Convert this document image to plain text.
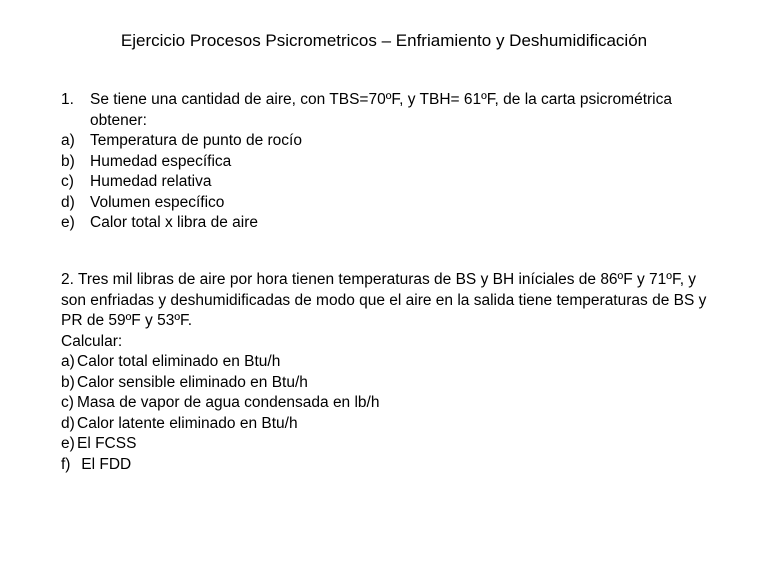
Ejercicio Procesos Psicrometricos – Enfriamiento y Deshumidificación
1. Se tiene una cantidad de aire, con TBS=70ºF, y TBH= 61ºF, de la carta psicrométrica
obtener:
a) Temperatura de punto de rocío
b) Humedad específica
c) Humedad relativa
d) Volumen específico
e) Calor total x libra de aire
2. Tres mil libras de aire por hora tienen temperaturas de BS y BH iníciales de 86ºF y 71ºF, y
son enfriadas y deshumidificadas de modo que el aire en la salida tiene temperaturas de BS y
PR de 59ºF y 53ºF.
Calcular:
a) Calor total eliminado en Btu/h
b) Calor sensible eliminado en Btu/h
c) Masa de vapor de agua condensada en lb/h
d) Calor latente eliminado en Btu/h
e) El FCSS
f) El FDD
